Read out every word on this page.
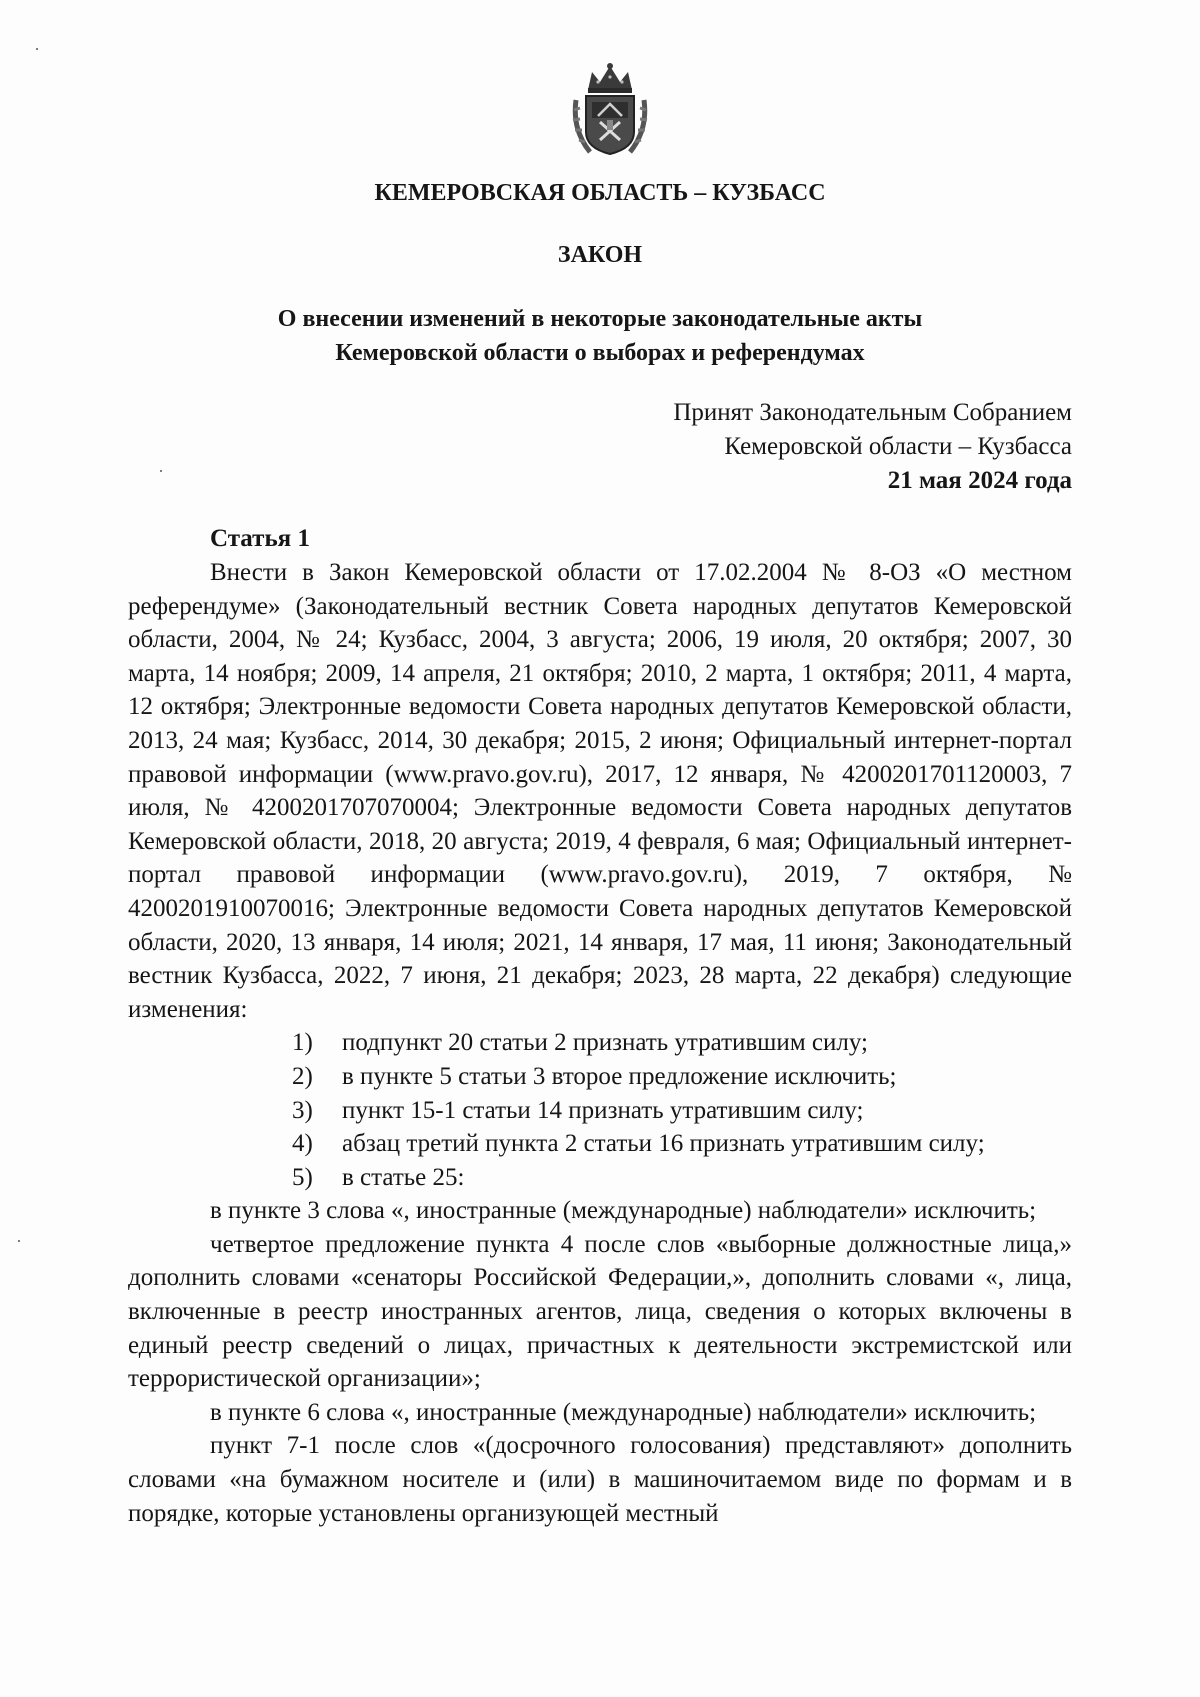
КЕМЕРОВСКАЯ ОБЛАСТЬ – КУЗБАСС
ЗАКОН
О внесении изменений в некоторые законодательные акты
Кемеровской области о выборах и референдумах
Принят Законодательным Собранием
Кемеровской области – Кузбасса
21 мая 2024 года
Статья 1

Внести в Закон Кемеровской области от 17.02.2004 № 8-ОЗ «О местном референдуме» (Законодательный вестник Совета народных депутатов Кемеровской области, 2004, № 24; Кузбасс, 2004, 3 августа; 2006, 19 июля, 20 октября; 2007, 30 марта, 14 ноября; 2009, 14 апреля, 21 октября; 2010, 2 марта, 1 октября; 2011, 4 марта, 12 октября; Электронные ведомости Совета народных депутатов Кемеровской области, 2013, 24 мая; Кузбасс, 2014, 30 декабря; 2015, 2 июня; Официальный интернет-портал правовой информации (www.pravo.gov.ru), 2017, 12 января, № 4200201701120003, 7 июля, № 4200201707070004; Электронные ведомости Совета народных депутатов Кемеровской области, 2018, 20 августа; 2019, 4 февраля, 6 мая; Официальный интернет-портал правовой информации (www.pravo.gov.ru), 2019, 7 октября, № 4200201910070016; Электронные ведомости Совета народных депутатов Кемеровской области, 2020, 13 января, 14 июля; 2021, 14 января, 17 мая, 11 июня; Законодательный вестник Кузбасса, 2022, 7 июня, 21 декабря; 2023, 28 марта, 22 декабря) следующие изменения:

1) подпункт 20 статьи 2 признать утратившим силу;

2) в пункте 5 статьи 3 второе предложение исключить;

3) пункт 15-1 статьи 14 признать утратившим силу;

4) абзац третий пункта 2 статьи 16 признать утратившим силу;

5) в статье 25:

в пункте 3 слова «, иностранные (международные) наблюдатели» исключить;

четвертое предложение пункта 4 после слов «выборные должностные лица,» дополнить словами «сенаторы Российской Федерации,», дополнить словами «, лица, включенные в реестр иностранных агентов, лица, сведения о которых включены в единый реестр сведений о лицах, причастных к деятельности экстремистской или террористической организации»;

в пункте 6 слова «, иностранные (международные) наблюдатели» исключить;

пункт 7-1 после слов «(досрочного голосования) представляют» дополнить словами «на бумажном носителе и (или) в машиночитаемом виде по формам и в порядке, которые установлены организующей местный
